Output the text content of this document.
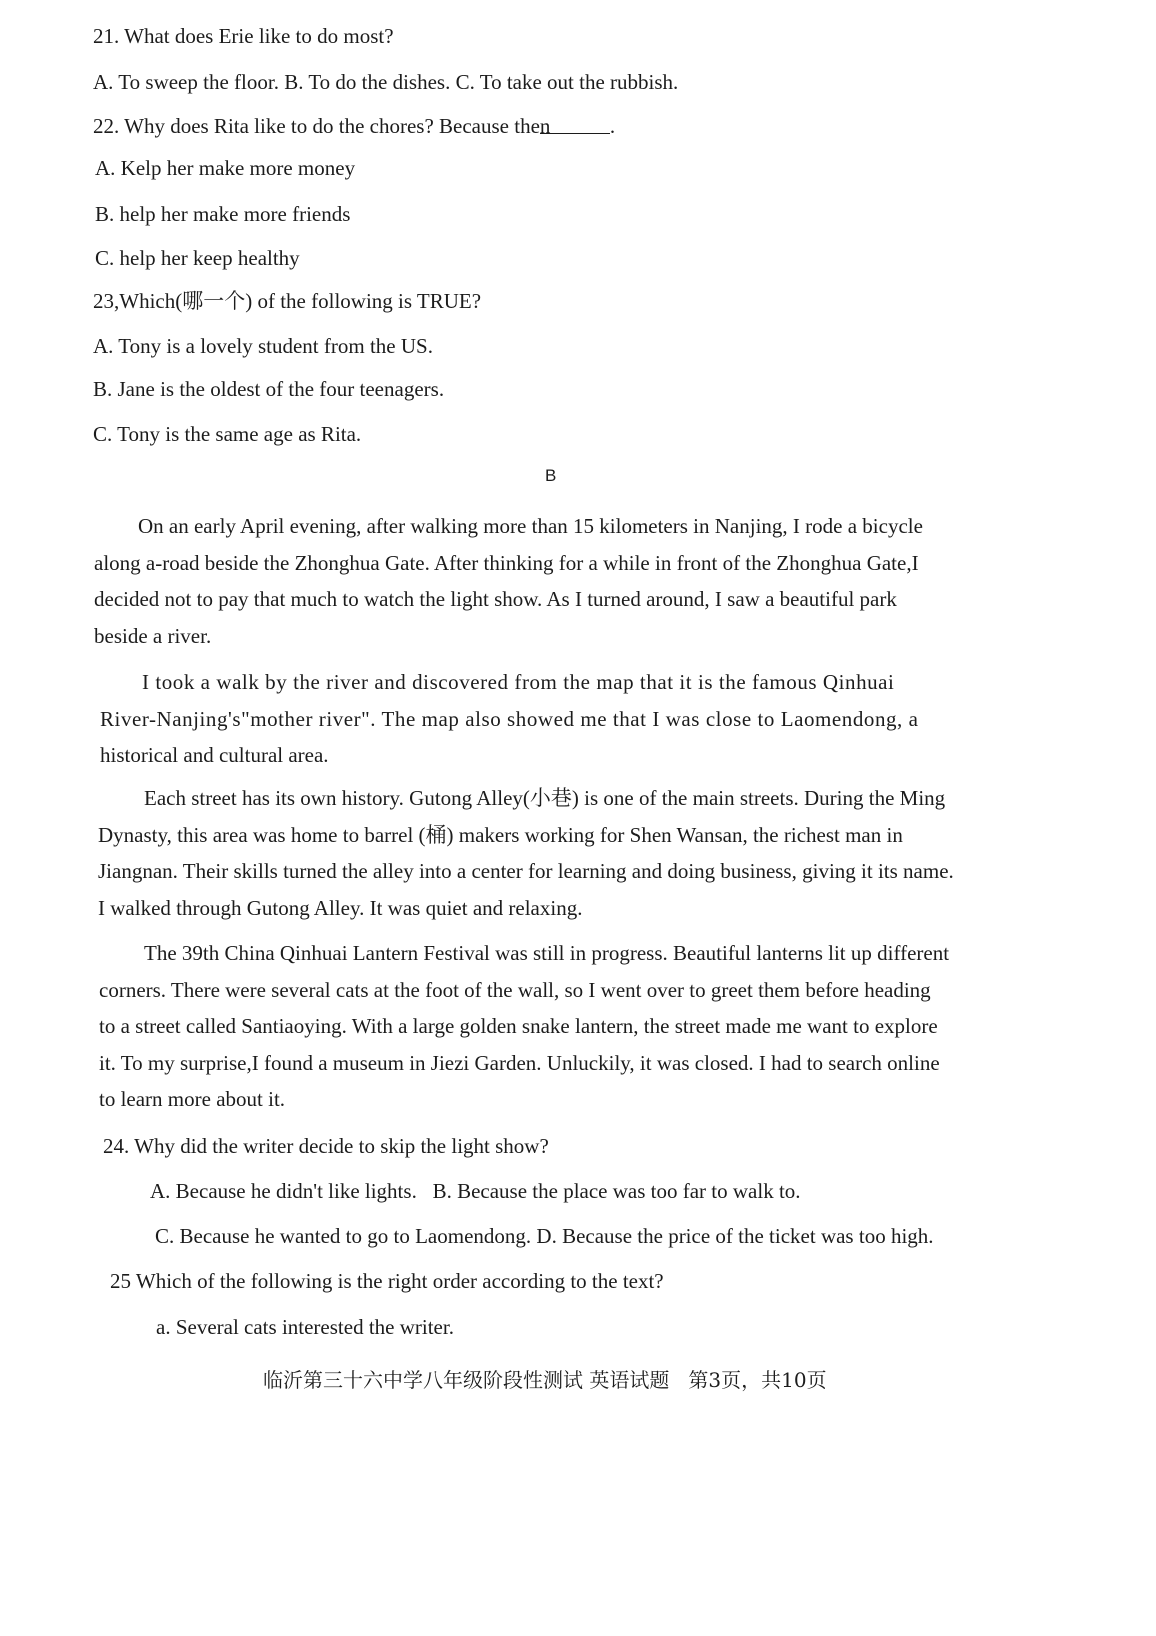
21. What does Erie like to do most?
A. To sweep the floor. B. To do the dishes. C. To take out the rubbish.
22. Why does Rita like to do the chores? Because then	.
A. Kelp her make more money
B. help her make more friends
C. help her keep healthy
23,Which(哪一个) of the following is TRUE?
A. Tony is a lovely student from the US.
B. Jane is the oldest of the four teenagers.
C. Tony is the same age as Rita.
B
On an early April evening, after walking more than 15 kilometers in Nanjing, I rode a bicycle
along a-road beside the Zhonghua Gate. After thinking for a while in front of the Zhonghua Gate,I
decided not to pay that much to watch the light show. As I turned around, I saw a beautiful park
beside a river.
I took a walk by the river and discovered from the map that it is the famous Qinhuai
River-Nanjing's"mother river". The map also showed me that I was close to Laomendong, a
historical and cultural area.
Each street has its own history. Gutong Alley(小巷) is one of the main streets. During the Ming
Dynasty, this area was home to barrel (桶) makers working for Shen Wansan, the richest man in
Jiangnan. Their skills turned the alley into a center for learning and doing business, giving it its name.
I walked through Gutong Alley. It was quiet and relaxing.
The 39th China Qinhuai Lantern Festival was still in progress. Beautiful lanterns lit up different
corners. There were several cats at the foot of the wall, so I went over to greet them before heading
to a street called Santiaoying. With a large golden snake lantern, the street made me want to explore
it. To my surprise,I found a museum in Jiezi Garden. Unluckily, it was closed. I had to search online
to learn more about it.
24. Why did the writer decide to skip the light show?
A. Because he didn't like lights.   B. Because the place was too far to walk to.
C. Because he wanted to go to Laomendong. D. Because the price of the ticket was too high.
25 Which of the following is the right order according to the text?
a. Several cats interested the writer.
临沂第三十六中学八年级阶段性测试 英语试题   第3页，共10页
